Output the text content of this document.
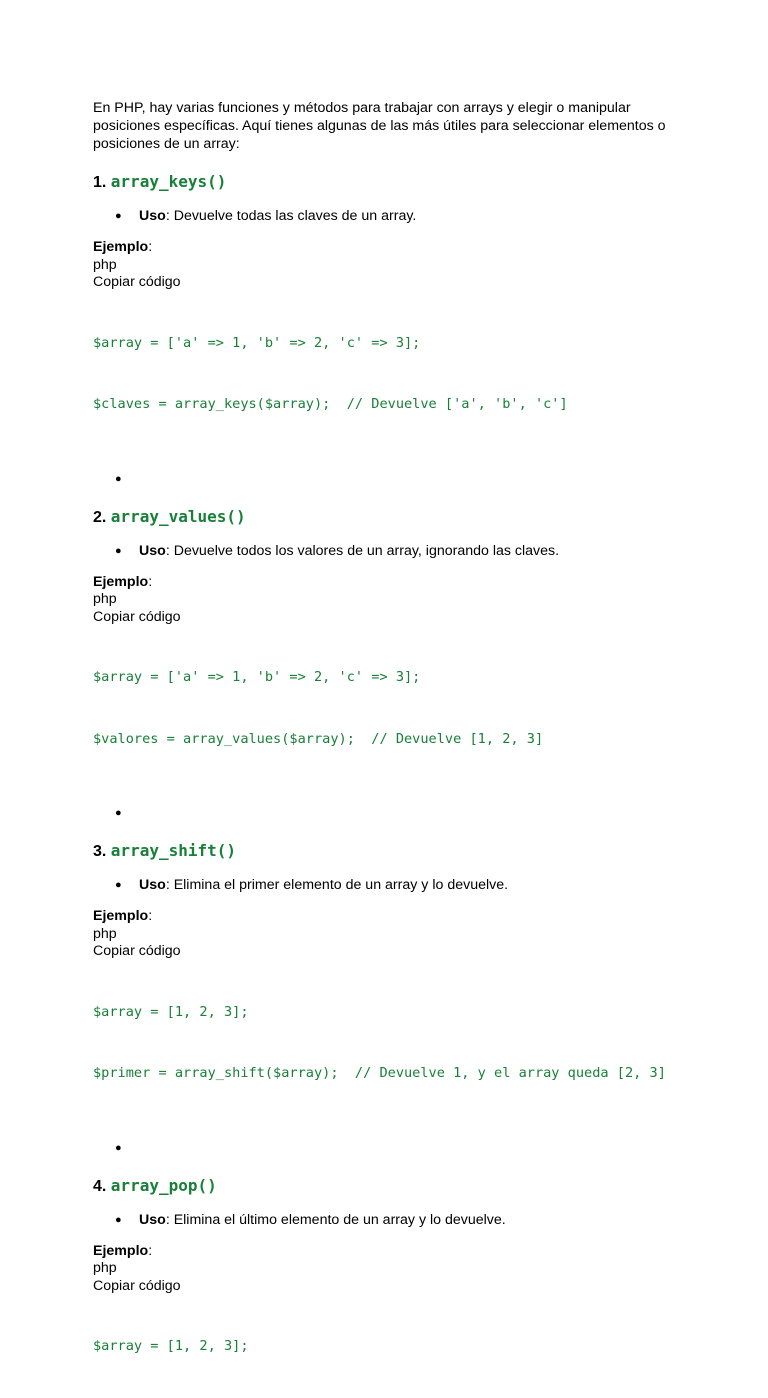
En PHP, hay varias funciones y métodos para trabajar con arrays y elegir o manipular posiciones específicas. Aquí tienes algunas de las más útiles para seleccionar elementos o posiciones de un array:

1. array_keys()
● Uso: Devuelve todas las claves de un array.
Ejemplo:
php
Copiar código

$array = ['a' => 1, 'b' => 2, 'c' => 3];

$claves = array_keys($array);  // Devuelve ['a', 'b', 'c']

●
2. array_values()
● Uso: Devuelve todos los valores de un array, ignorando las claves.
Ejemplo:
php
Copiar código

$array = ['a' => 1, 'b' => 2, 'c' => 3];

$valores = array_values($array);  // Devuelve [1, 2, 3]

●
3. array_shift()
● Uso: Elimina el primer elemento de un array y lo devuelve.
Ejemplo:
php
Copiar código

$array = [1, 2, 3];

$primer = array_shift($array);  // Devuelve 1, y el array queda [2, 3]

●
4. array_pop()
● Uso: Elimina el último elemento de un array y lo devuelve.
Ejemplo:
php
Copiar código

$array = [1, 2, 3];
